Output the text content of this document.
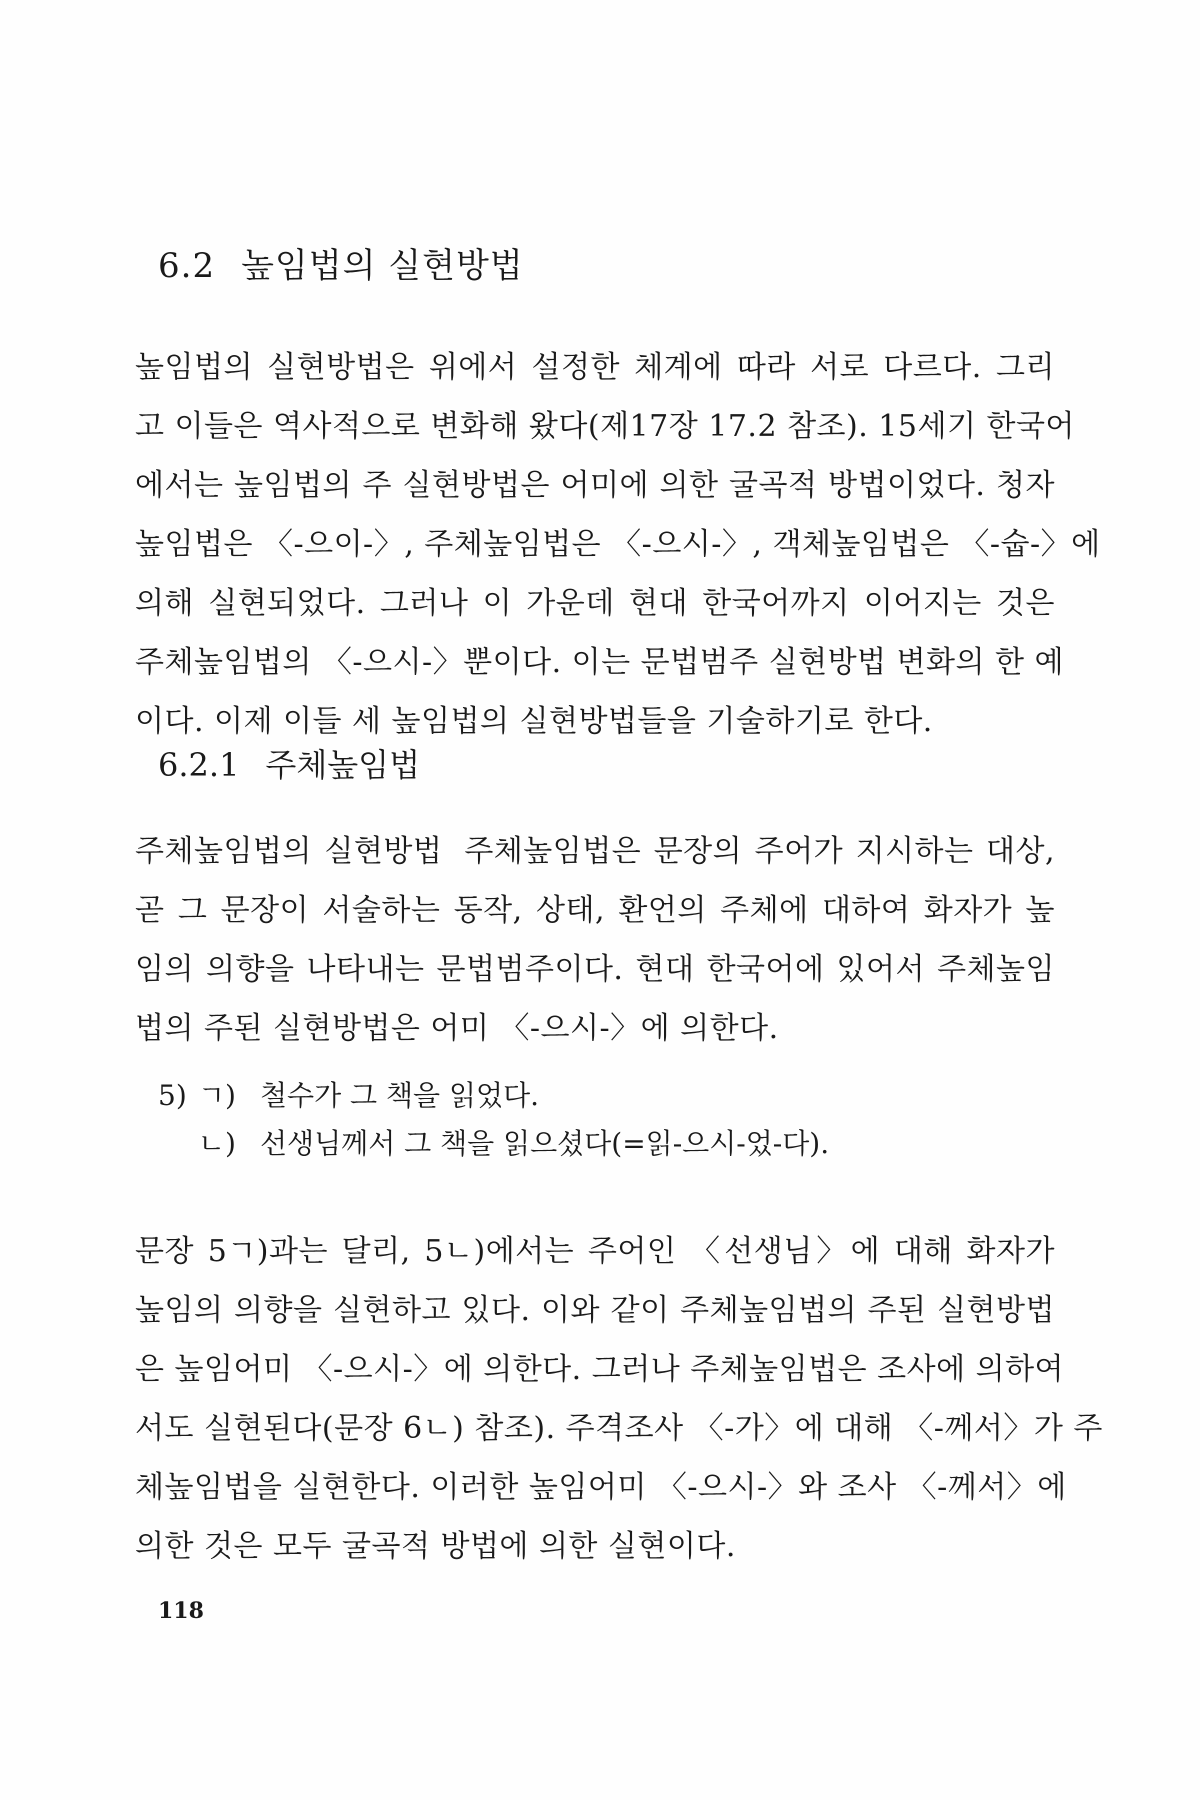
6.2 높임법의 실현방법
높임법의 실현방법은 위에서 설정한 체계에 따라 서로 다르다. 그리
고 이들은 역사적으로 변화해 왔다(제17장 17.2 참조). 15세기 한국어
에서는 높임법의 주 실현방법은 어미에 의한 굴곡적 방법이었다. 청자
높임법은 〈-으이-〉, 주체높임법은 〈-으시-〉, 객체높임법은 〈-숩-〉에
의해 실현되었다. 그러나 이 가운데 현대 한국어까지 이어지는 것은
주체높임법의 〈-으시-〉뿐이다. 이는 문법범주 실현방법 변화의 한 예
이다. 이제 이들 세 높임법의 실현방법들을 기술하기로 한다.
6.2.1 주체높임법
주체높임법의 실현방법 주체높임법은 문장의 주어가 지시하는 대상,
곧 그 문장이 서술하는 동작, 상태, 환언의 주체에 대하여 화자가 높
임의 의향을 나타내는 문법범주이다. 현대 한국어에 있어서 주체높임
법의 주된 실현방법은 어미 〈-으시-〉에 의한다.
5) ㄱ) 철수가 그 책을 읽었다.
ㄴ) 선생님께서 그 책을 읽으셨다(=읽-으시-었-다).
문장 5ㄱ)과는 달리, 5ㄴ)에서는 주어인 〈선생님〉에 대해 화자가
높임의 의향을 실현하고 있다. 이와 같이 주체높임법의 주된 실현방법
은 높임어미 〈-으시-〉에 의한다. 그러나 주체높임법은 조사에 의하여
서도 실현된다(문장 6ㄴ) 참조). 주격조사 〈-가〉에 대해 〈-께서〉가 주
체높임법을 실현한다. 이러한 높임어미 〈-으시-〉와 조사 〈-께서〉에
의한 것은 모두 굴곡적 방법에 의한 실현이다.
118
